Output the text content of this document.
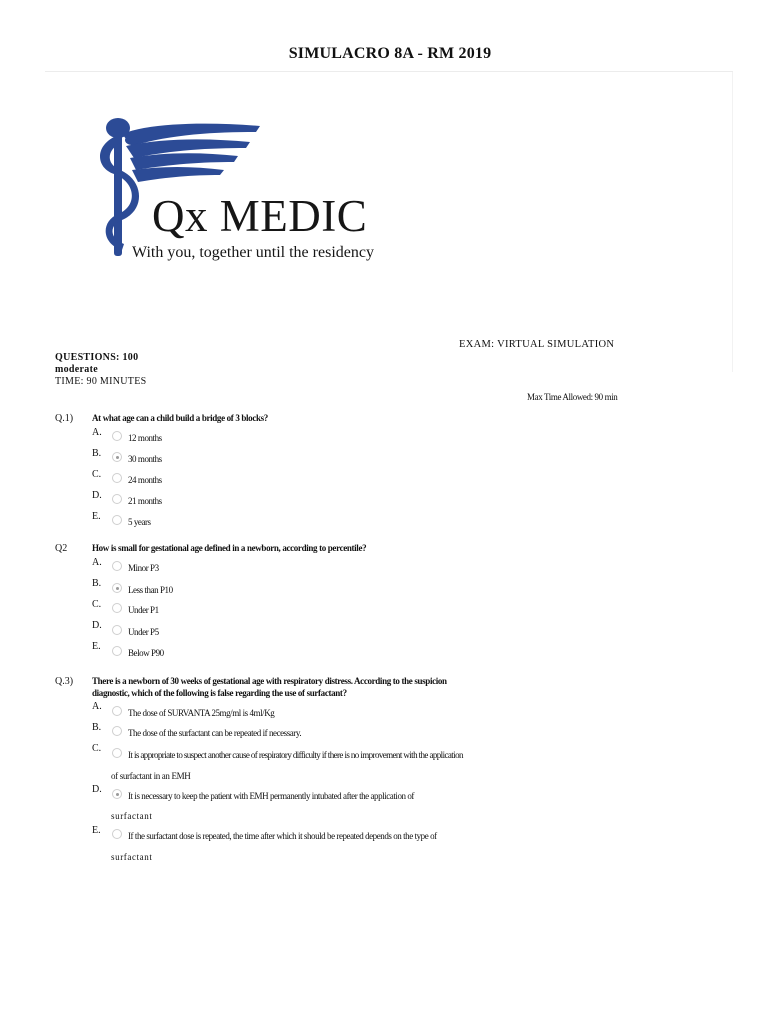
SIMULACRO 8A - RM 2019
Qx MEDIC
With you, together until the residency
EXAM: VIRTUAL SIMULATION
QUESTIONS: 100
moderate
TIME: 90 MINUTES
Max Time Allowed: 90 min
Q.1) At what age can a child build a bridge of 3 blocks?
A.	12 months
B.	30 months
C.	24 months
D.	21 months
E.	5 years
Q2	How is small for gestational age defined in a newborn, according to percentile?
A.	Minor P3
B.
Less than P10
C.	Under P1
D.
Under P5
E.
Below P90
Q.3) There is a newborn of 30 weeks of gestational age with respiratory distress. According to the suspicion
diagnostic, which of the following is false regarding the use of surfactant?
A.
The dose of SURVANTA 25mg/ml is 4ml/Kg
B.	The dose of the surfactant can be repeated if necessary.
C.
It is appropriate to suspect another cause of respiratory difficulty if there is no improvement with the application
of surfactant in an EMH
D.
It is necessary to keep the patient with EMH permanently intubated after the application of
surfactant
E.	If the surfactant dose is repeated, the time after which it should be repeated depends on the type of
surfactant
